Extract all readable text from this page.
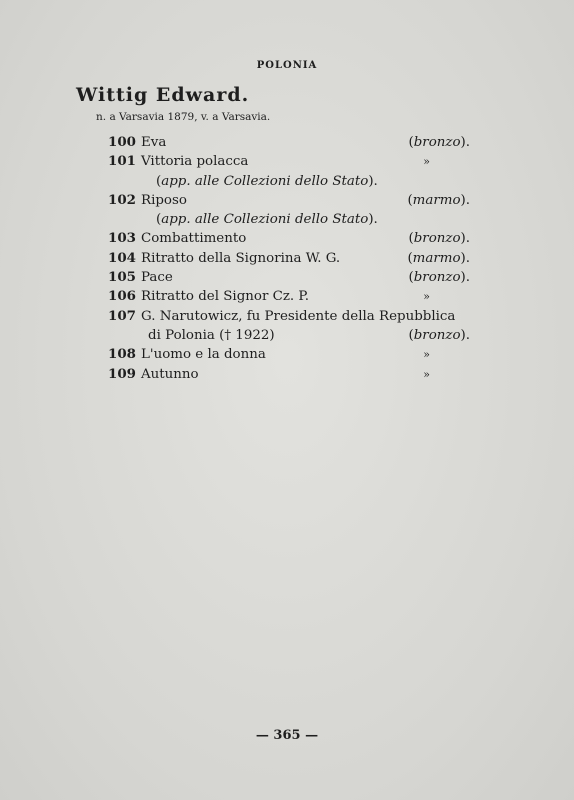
POLONIA
Wittig Edward.
n. a Varsavia 1879, v. a Varsavia.
100 Eva	(bronzo).
101 Vittoria polacca	»
(app. alle Collezioni dello Stato).
102 Riposo	(marmo).
(app. alle Collezioni dello Stato).
103 Combattimento	(bronzo).
104 Ritratto della Signorina W. G.	(marmo).
105 Pace	(bronzo).
106 Ritratto del Signor Cz. P.	»
107 G. Narutowicz, fu Presidente della Repubblica
di Polonia († 1922)	(bronzo).
108 L'uomo e la donna	»
109 Autunno	»
— 365 —
